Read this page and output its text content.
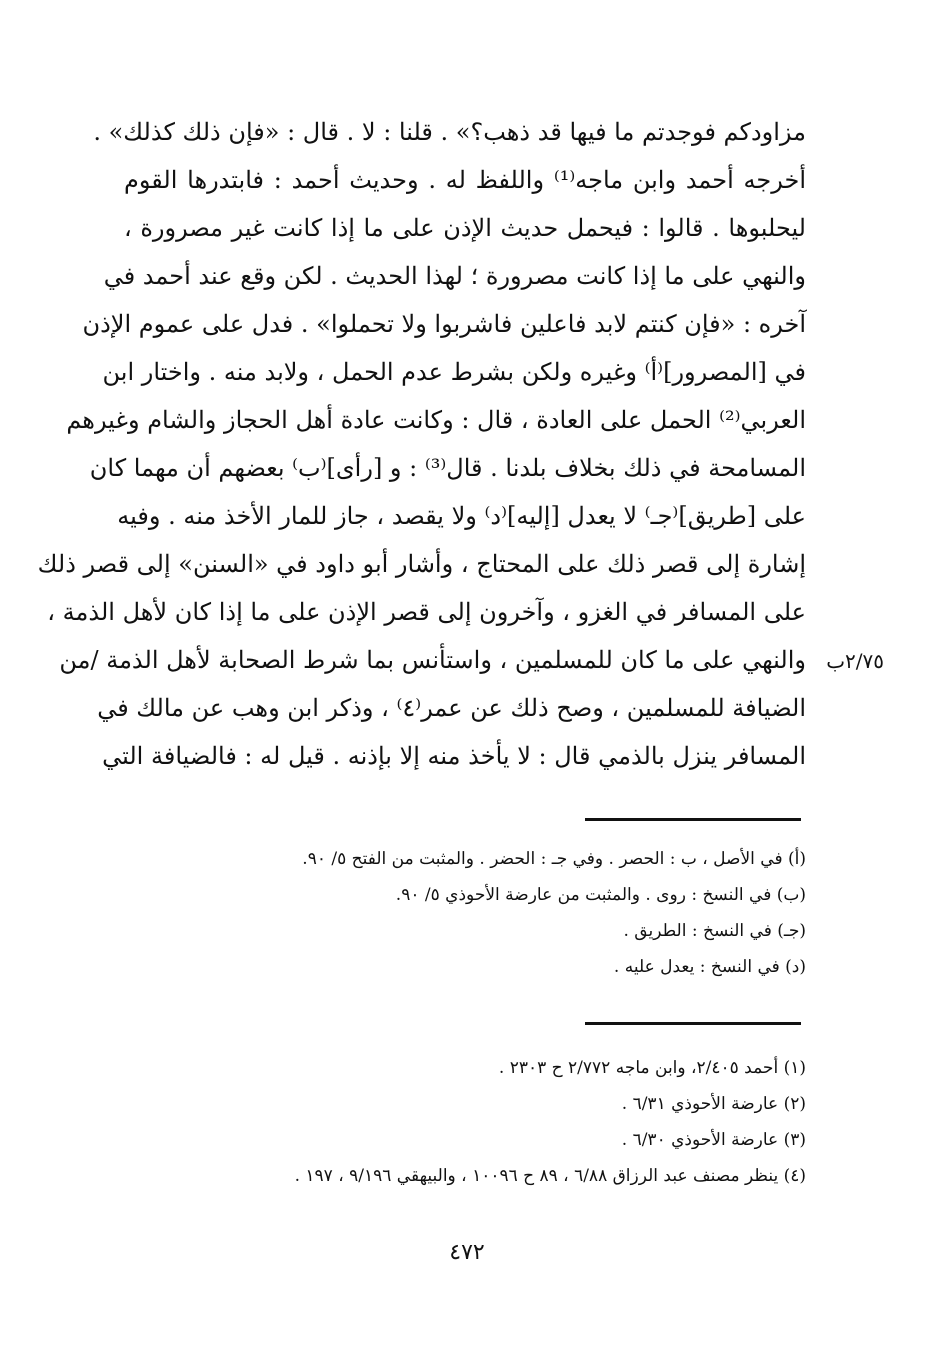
مزاودكم فوجدتم ما فيها قد ذهب؟» . قلنا : لا . قال : «فإن ذلك كذلك» .
أخرجه أحمد وابن ماجه⁽¹⁾ واللفظ له . وحديث أحمد : فابتدرها القوم
ليحلبوها . قالوا : فيحمل حديث الإذن على ما إذا كانت غير مصرورة ،
والنهي على ما إذا كانت مصرورة ؛ لهذا الحديث . لكن وقع عند أحمد في
آخره : «فإن كنتم لابد فاعلين فاشربوا ولا تحملوا» . فدل على عموم الإذن
في [المصرور]⁽أ⁾ وغيره ولكن بشرط عدم الحمل ، ولابد منه . واختار ابن
العربي⁽²⁾ الحمل على العادة ، قال : وكانت عادة أهل الحجاز والشام وغيرهم
المسامحة في ذلك بخلاف بلدنا . قال⁽³⁾ : و [رأى]⁽ب⁾ بعضهم أن مهما كان
على [طريق]⁽جـ⁾ لا يعدل [إليه]⁽د⁾ ولا يقصد ، جاز للمار الأخذ منه . وفيه
إشارة إلى قصر ذلك على المحتاج ، وأشار أبو داود في «السنن» إلى قصر ذلك
على المسافر في الغزو ، وآخرون إلى قصر الإذن على ما إذا كان لأهل الذمة ،
والنهي على ما كان للمسلمين ، واستأنس بما شرط الصحابة لأهل الذمة /من
الضيافة للمسلمين ، وصح ذلك عن عمر⁽٤⁾ ، وذكر ابن وهب عن مالك في
المسافر ينزل بالذمي قال : لا يأخذ منه إلا بإذنه . قيل له : فالضيافة التي
٢/٧٥ب
(أ) في الأصل ، ب : الحصر . وفي جـ : الحضر . والمثبت من الفتح ٥/ ٩٠.
(ب) في النسخ : روى . والمثبت من عارضة الأحوذي ٥/ ٩٠.
(جـ) في النسخ : الطريق .
(د) في النسخ : يعدل عليه .
(١) أحمد ٢/٤٠٥، وابن ماجه ٢/٧٧٢ ح ٢٣٠٣ .
(٢) عارضة الأحوذي ٦/٣١ .
(٣) عارضة الأحوذي ٦/٣٠ .
(٤) ينظر مصنف عبد الرزاق ٦/٨٨ ، ٨٩ ح ١٠٠٩٦ ، والبيهقي ٩/١٩٦ ، ١٩٧ .
٤٧٢
